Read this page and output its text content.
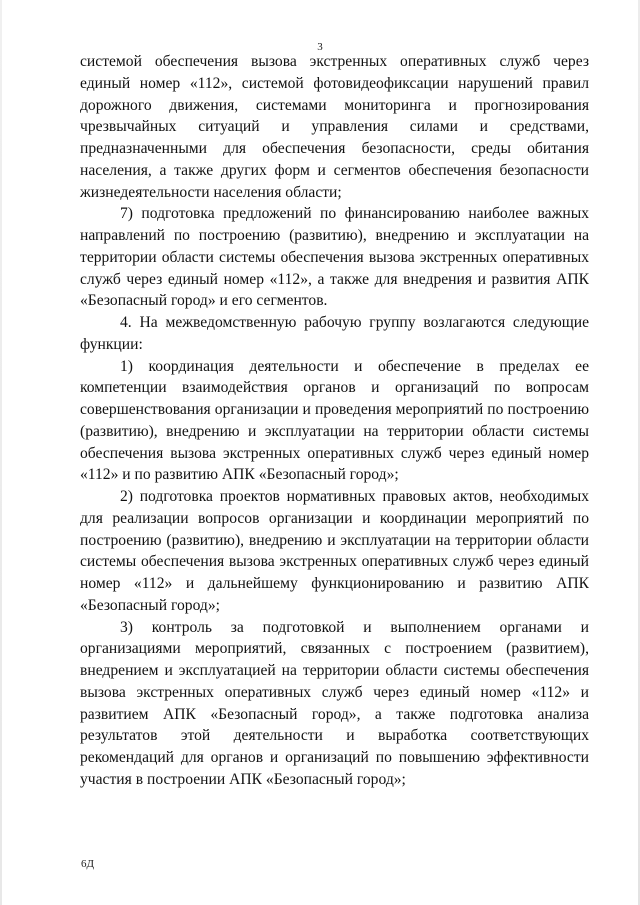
3

системой обеспечения вызова экстренных оперативных служб через единый номер «112», системой фотовидеофиксации нарушений правил дорожного движения, системами мониторинга и прогнозирования чрезвычайных ситуаций и управления силами и средствами, предназначенными для обеспечения безопасности, среды обитания населения, а также других форм и сегментов обеспечения безопасности жизнедеятельности населения области;

7) подготовка предложений по финансированию наиболее важных направлений по построению (развитию), внедрению и эксплуатации на территории области системы обеспечения вызова экстренных оперативных служб через единый номер «112», а также для внедрения и развития АПК «Безопасный город» и его сегментов.

4. На межведомственную рабочую группу возлагаются следующие функции:

1) координация деятельности и обеспечение в пределах ее компетенции взаимодействия органов и организаций по вопросам совершенствования организации и проведения мероприятий по построению (развитию), внедрению и эксплуатации на территории области системы обеспечения вызова экстренных оперативных служб через единый номер «112» и по развитию АПК «Безопасный город»;

2) подготовка проектов нормативных правовых актов, необходимых для реализации вопросов организации и координации мероприятий по построению (развитию), внедрению и эксплуатации на территории области системы обеспечения вызова экстренных оперативных служб через единый номер «112» и дальнейшему функционированию и развитию АПК «Безопасный город»;

3) контроль за подготовкой и выполнением органами и организациями мероприятий, связанных с построением (развитием), внедрением и эксплуатацией на территории области системы обеспечения вызова экстренных оперативных служб через единый номер «112» и развитием АПК «Безопасный город», а также подготовка анализа результатов этой деятельности и выработка соответствующих рекомендаций для органов и организаций по повышению эффективности участия в построении АПК «Безопасный город»;

6Д
